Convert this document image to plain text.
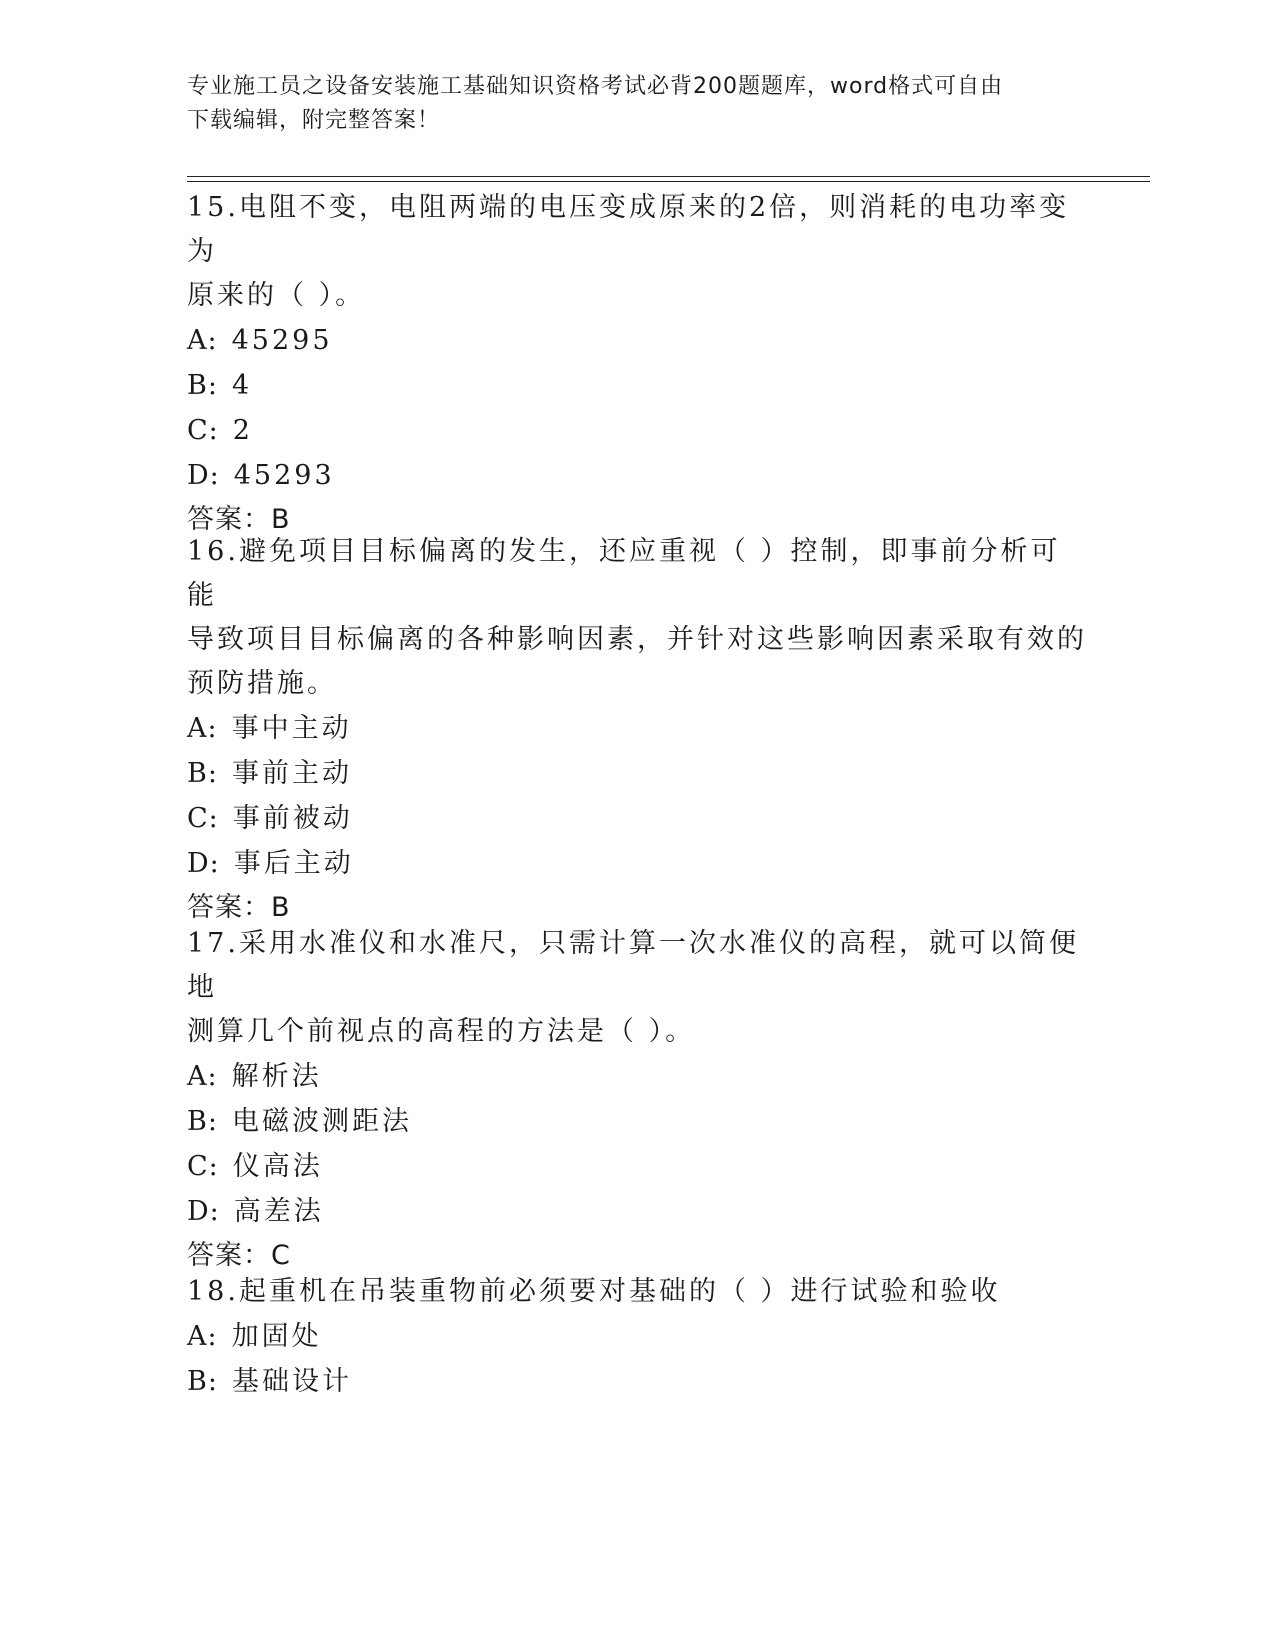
专业施工员之设备安装施工基础知识资格考试必背200题题库，word格式可自由
下载编辑，附完整答案！

15.电阻不变，电阻两端的电压变成原来的2倍，则消耗的电功率变为

原来的（ ）。

A: 45295

B: 4

C: 2

D: 45293

答案：B

16.避免项目目标偏离的发生，还应重视（ ）控制，即事前分析可能

导致项目目标偏离的各种影响因素，并针对这些影响因素采取有效的

预防措施。

A: 事中主动

B: 事前主动

C: 事前被动

D: 事后主动

答案：B

17.采用水准仪和水准尺，只需计算一次水准仪的高程，就可以简便地

测算几个前视点的高程的方法是（ ）。

A: 解析法

B: 电磁波测距法

C: 仪高法

D: 高差法

答案：C

18.起重机在吊装重物前必须要对基础的（ ）进行试验和验收

A: 加固处

B: 基础设计
